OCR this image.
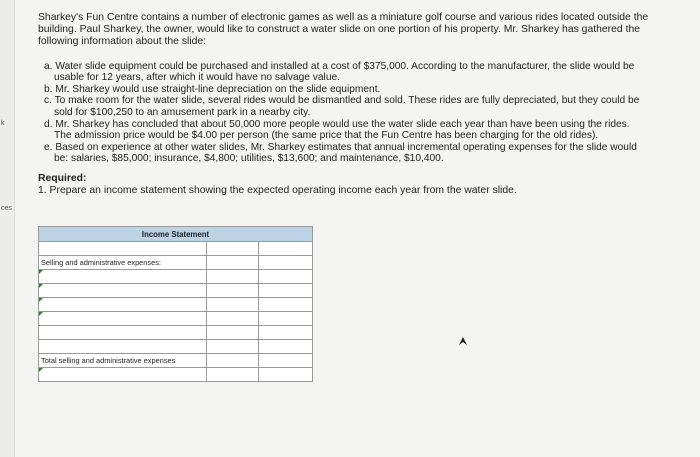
k
ces

Sharkey's Fun Centre contains a number of electronic games as well as a miniature golf course and various rides located outside the building. Paul Sharkey, the owner, would like to construct a water slide on one portion of his property. Mr. Sharkey has gathered the following information about the slide:

a. Water slide equipment could be purchased and installed at a cost of $375,000. According to the manufacturer, the slide would be
usable for 12 years, after which it would have no salvage value.
b. Mr. Sharkey would use straight-line depreciation on the slide equipment.
c. To make room for the water slide, several rides would be dismantled and sold. These rides are fully depreciated, but they could be
sold for $100,250 to an amusement park in a nearby city.
d. Mr. Sharkey has concluded that about 50,000 more people would use the water slide each year than have been using the rides.
The admission price would be $4.00 per person (the same price that the Fun Centre has been charging for the old rides).
e. Based on experience at other water slides, Mr. Sharkey estimates that annual incremental operating expenses for the slide would
be: salaries, $85,000; insurance, $4,800; utilities, $13,600; and maintenance, $10,400.
Required:
1. Prepare an income statement showing the expected operating income each year from the water slide.
Income Statement		

Selling and administrative expenses:		

Total selling and administrative expenses		
